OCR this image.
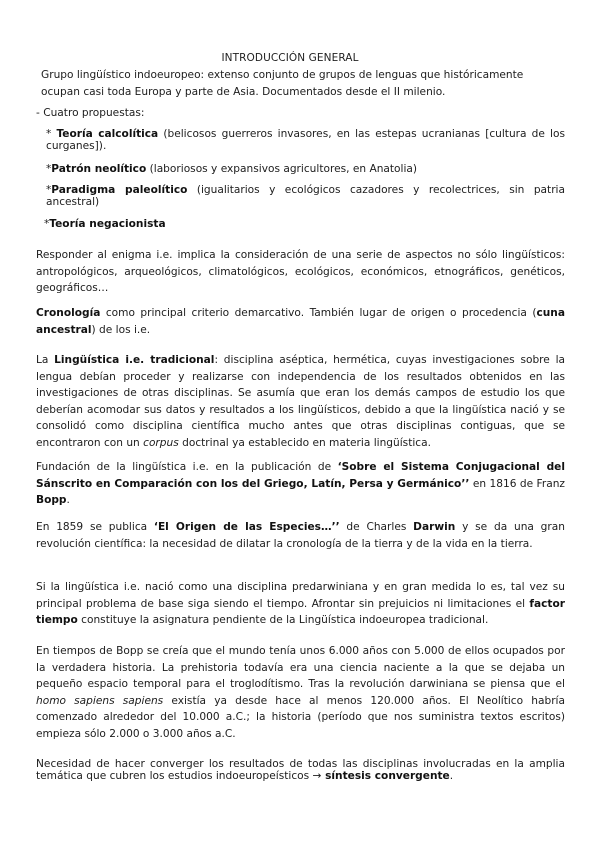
INTRODUCCIÓN GENERAL
Grupo lingüístico indoeuropeo: extenso conjunto de grupos de lenguas que históricamente ocupan casi toda Europa y parte de Asia. Documentados desde el II milenio.
- Cuatro propuestas:
* Teoría calcolítica (belicosos guerreros invasores, en las estepas ucranianas [cultura de los curganes]).
*Patrón neolítico (laboriosos y expansivos agricultores, en Anatolia)
*Paradigma paleolítico (igualitarios y ecológicos cazadores y recolectrices, sin patria ancestral)
*Teoría negacionista
Responder al enigma i.e. implica la consideración de una serie de aspectos no sólo lingüísticos: antropológicos, arqueológicos, climatológicos, ecológicos, económicos, etnográficos, genéticos, geográficos…
Cronología como principal criterio demarcativo. También lugar de origen o procedencia (cuna ancestral) de los i.e.
La Lingüística i.e. tradicional: disciplina aséptica, hermética, cuyas investigaciones sobre la lengua debían proceder y realizarse con independencia de los resultados obtenidos en las investigaciones de otras disciplinas. Se asumía que eran los demás campos de estudio los que deberían acomodar sus datos y resultados a los lingüísticos, debido a que la lingüística nació y se consolidó como disciplina científica mucho antes que otras disciplinas contiguas, que se encontraron con un corpus doctrinal ya establecido en materia lingüística.
Fundación de la lingüística i.e. en la publicación de ‘Sobre el Sistema Conjugacional del Sánscrito en Comparación con los del Griego, Latín, Persa y Germánico’’ en 1816 de Franz Bopp.
En 1859 se publica ‘El Origen de las Especies…’’ de Charles Darwin y se da una gran revolución científica: la necesidad de dilatar la cronología de la tierra y de la vida en la tierra.
Si la lingüística i.e. nació como una disciplina predarwiniana y en gran medida lo es, tal vez su principal problema de base siga siendo el tiempo. Afrontar sin prejuicios ni limitaciones el factor tiempo constituye la asignatura pendiente de la Lingüística indoeuropea tradicional.
En tiempos de Bopp se creía que el mundo tenía unos 6.000 años con 5.000 de ellos ocupados por la verdadera historia. La prehistoria todavía era una ciencia naciente a la que se dejaba un pequeño espacio temporal para el troglodítismo. Tras la revolución darwiniana se piensa que el homo sapiens sapiens existía ya desde hace al menos 120.000 años. El Neolítico habría comenzado alrededor del 10.000 a.C.; la historia (período que nos suministra textos escritos) empieza sólo 2.000 o 3.000 años a.C.
Necesidad de hacer converger los resultados de todas las disciplinas involucradas en la amplia temática que cubren los estudios indoeuropeísticos → síntesis convergente.
